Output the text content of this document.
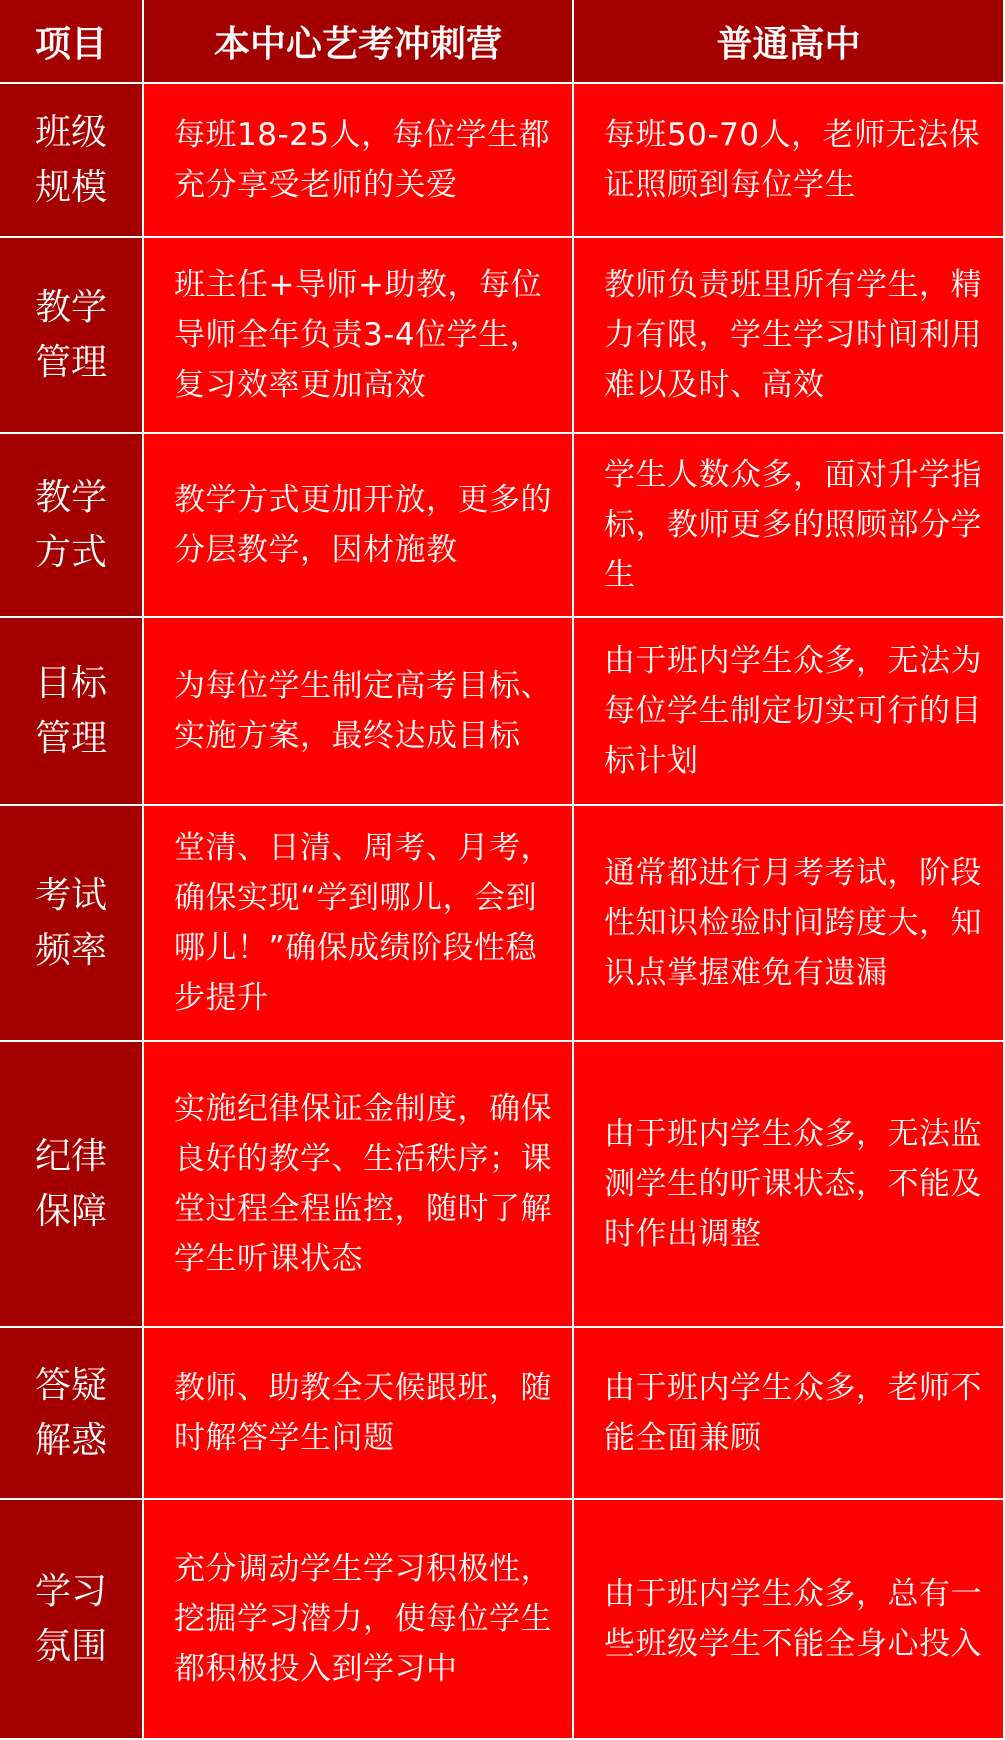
项目	本中心艺考冲刺营	普通高中
班级
规模
每班18-25人，每位学生都充分享受老师的关爱
每班50-70人，老师无法保证照顾到每位学生
教学
管理
班主任+导师+助教，每位导师全年负责3-4位学生，复习效率更加高效
教师负责班里所有学生，精力有限，学生学习时间利用难以及时、高效
教学
方式
教学方式更加开放，更多的分层教学，因材施教
学生人数众多，面对升学指标，教师更多的照顾部分学生
目标
管理
为每位学生制定高考目标、实施方案，最终达成目标
由于班内学生众多，无法为每位学生制定切实可行的目标计划
考试
频率
堂清、日清、周考、月考，确保实现“学到哪儿，会到哪儿！”确保成绩阶段性稳步提升
通常都进行月考考试，阶段性知识检验时间跨度大，知识点掌握难免有遗漏
纪律
保障
实施纪律保证金制度，确保良好的教学、生活秩序；课堂过程全程监控，随时了解学生听课状态
由于班内学生众多，无法监测学生的听课状态，不能及时作出调整
答疑
解惑
教师、助教全天候跟班，随时解答学生问题
由于班内学生众多，老师不能全面兼顾
学习
氛围
充分调动学生学习积极性，挖掘学习潜力，使每位学生都积极投入到学习中
由于班内学生众多，总有一些班级学生不能全身心投入
